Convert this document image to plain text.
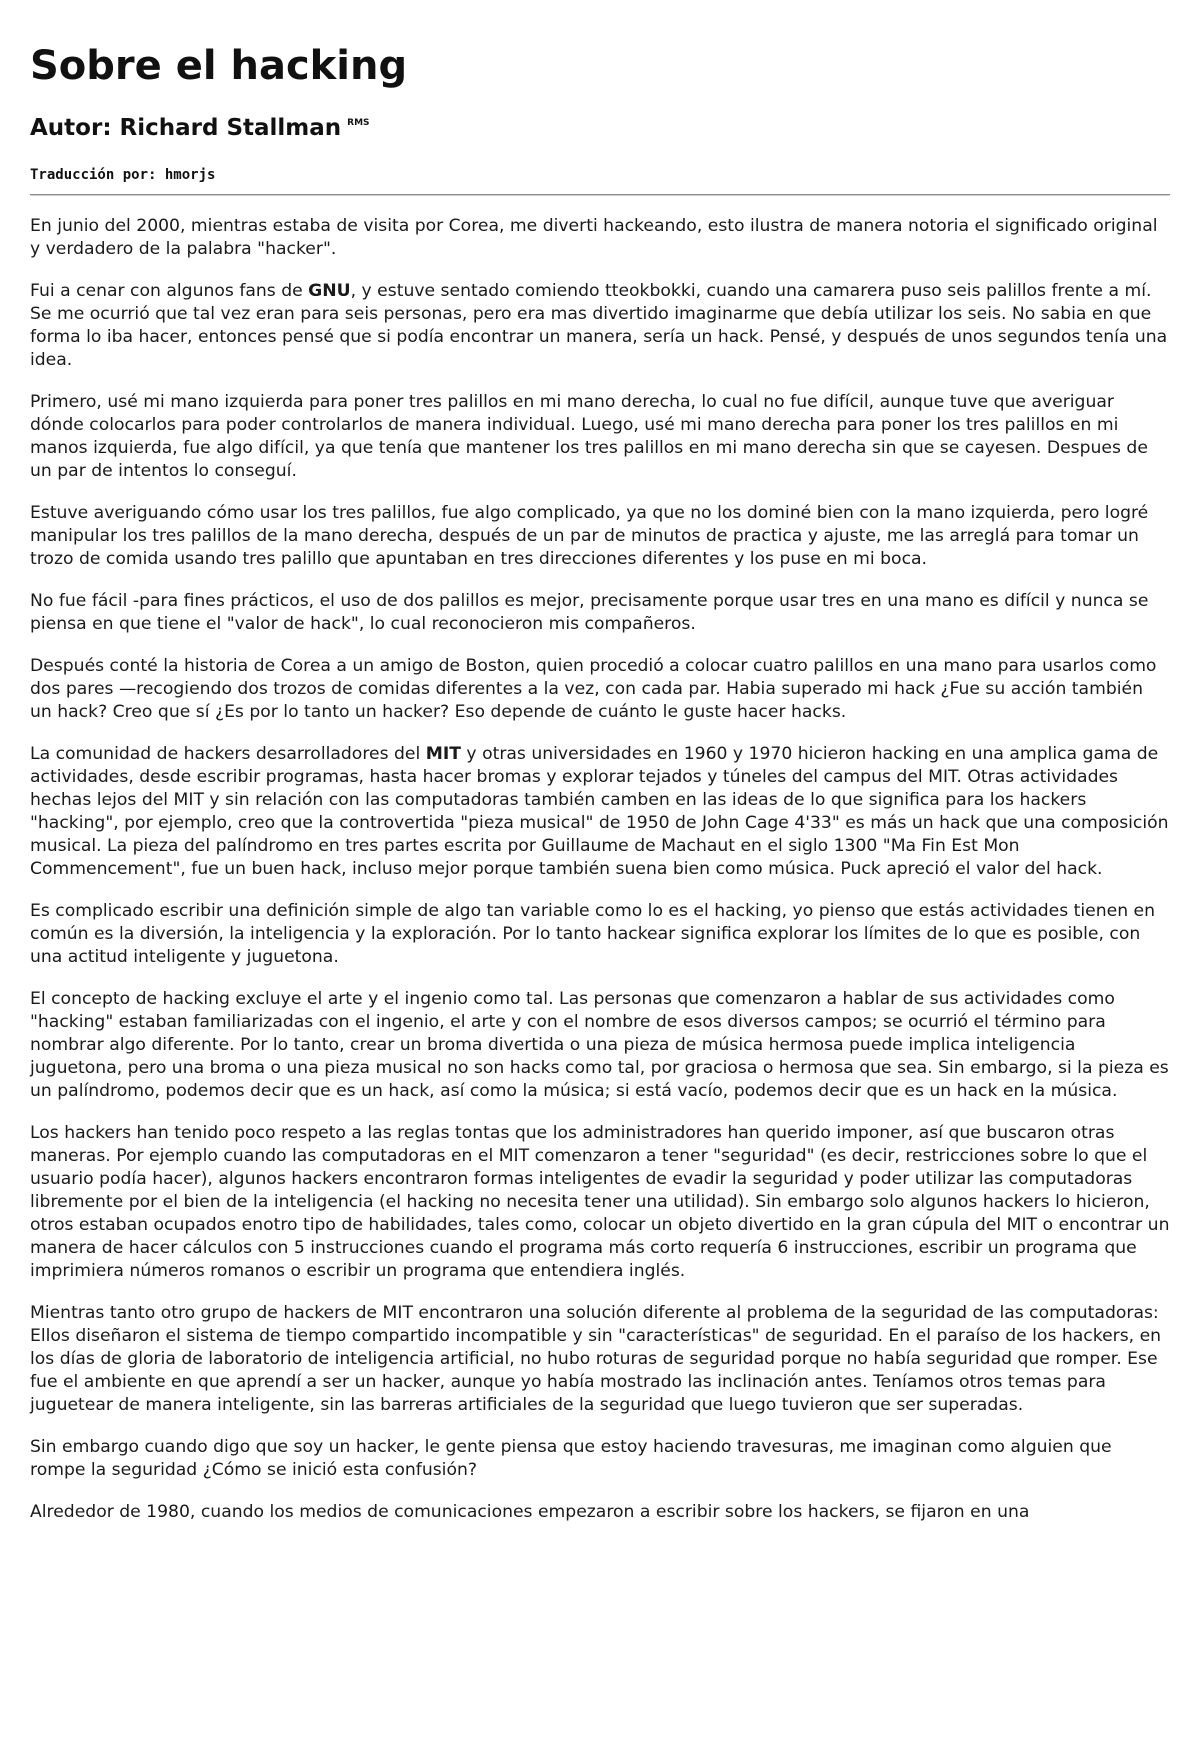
Sobre el hacking
Autor: Richard Stallman $^{RMS}$
Traducción por: hmorjs

En junio del 2000, mientras estaba de visita por Corea, me diverti hackeando, esto ilustra de manera notoria el significado original y verdadero de la palabra "hacker".

Fui a cenar con algunos fans de GNU, y estuve sentado comiendo tteokbokki, cuando una camarera puso seis palillos frente a mí. Se me ocurrió que tal vez eran para seis personas, pero era mas divertido imaginarme que debía utilizar los seis. No sabia en que forma lo iba hacer, entonces pensé que si podía encontrar un manera, sería un hack. Pensé, y después de unos segundos tenía una idea.

Primero, usé mi mano izquierda para poner tres palillos en mi mano derecha, lo cual no fue difícil, aunque tuve que averiguar dónde colocarlos para poder controlarlos de manera individual. Luego, usé mi mano derecha para poner los tres palillos en mi manos izquierda, fue algo difícil, ya que tenía que mantener los tres palillos en mi mano derecha sin que se cayesen. Despues de un par de intentos lo conseguí.

Estuve averiguando cómo usar los tres palillos, fue algo complicado, ya que no los dominé bien con la mano izquierda, pero logré manipular los tres palillos de la mano derecha, después de un par de minutos de practica y ajuste, me las arreglá para tomar un trozo de comida usando tres palillo que apuntaban en tres direcciones diferentes y los puse en mi boca.

No fue fácil -para fines prácticos, el uso de dos palillos es mejor, precisamente porque usar tres en una mano es difícil y nunca se piensa en que tiene el "valor de hack", lo cual reconocieron mis compañeros.

Después conté la historia de Corea a un amigo de Boston, quien procedió a colocar cuatro palillos en una mano para usarlos como dos pares —recogiendo dos trozos de comidas diferentes a la vez, con cada par. Habia superado mi hack ¿Fue su acción también un hack? Creo que sí ¿Es por lo tanto un hacker? Eso depende de cuánto le guste hacer hacks.

La comunidad de hackers desarrolladores del MIT y otras universidades en 1960 y 1970 hicieron hacking en una amplica gama de actividades, desde escribir programas, hasta hacer bromas y explorar tejados y túneles del campus del MIT. Otras actividades hechas lejos del MIT y sin relación con las computadoras también camben en las ideas de lo que significa para los hackers "hacking", por ejemplo, creo que la controvertida "pieza musical" de 1950 de John Cage 4'33" es más un hack que una composición musical. La pieza del palíndromo en tres partes escrita por Guillaume de Machaut en el siglo 1300 "Ma Fin Est Mon Commencement", fue un buen hack, incluso mejor porque también suena bien como música. Puck apreció el valor del hack.

Es complicado escribir una definición simple de algo tan variable como lo es el hacking, yo pienso que estás actividades tienen en común es la diversión, la inteligencia y la exploración. Por lo tanto hackear significa explorar los límites de lo que es posible, con una actitud inteligente y juguetona.

El concepto de hacking excluye el arte y el ingenio como tal. Las personas que comenzaron a hablar de sus actividades como "hacking" estaban familiarizadas con el ingenio, el arte y con el nombre de esos diversos campos; se ocurrió el término para nombrar algo diferente. Por lo tanto, crear un broma divertida o una pieza de música hermosa puede implica inteligencia juguetona, pero una broma o una pieza musical no son hacks como tal, por graciosa o hermosa que sea. Sin embargo, si la pieza es un palíndromo, podemos decir que es un hack, así como la música; si está vacío, podemos decir que es un hack en la música.

Los hackers han tenido poco respeto a las reglas tontas que los administradores han querido imponer, así que buscaron otras maneras. Por ejemplo cuando las computadoras en el MIT comenzaron a tener "seguridad" (es decir, restricciones sobre lo que el usuario podía hacer), algunos hackers encontraron formas inteligentes de evadir la seguridad y poder utilizar las computadoras libremente por el bien de la inteligencia (el hacking no necesita tener una utilidad). Sin embargo solo algunos hackers lo hicieron, otros estaban ocupados enotro tipo de habilidades, tales como, colocar un objeto divertido en la gran cúpula del MIT o encontrar un manera de hacer cálculos con 5 instrucciones cuando el programa más corto requería 6 instrucciones, escribir un programa que imprimiera números romanos o escribir un programa que entendiera inglés.

Mientras tanto otro grupo de hackers de MIT encontraron una solución diferente al problema de la seguridad de las computadoras: Ellos diseñaron el sistema de tiempo compartido incompatible y sin "características" de seguridad. En el paraíso de los hackers, en los días de gloria de laboratorio de inteligencia artificial, no hubo roturas de seguridad porque no había seguridad que romper. Ese fue el ambiente en que aprendí a ser un hacker, aunque yo había mostrado las inclinación antes. Teníamos otros temas para juguetear de manera inteligente, sin las barreras artificiales de la seguridad que luego tuvieron que ser superadas.

Sin embargo cuando digo que soy un hacker, le gente piensa que estoy haciendo travesuras, me imaginan como alguien que rompe la seguridad ¿Cómo se inició esta confusión?

Alrededor de 1980, cuando los medios de comunicaciones empezaron a escribir sobre los hackers, se fijaron en una
